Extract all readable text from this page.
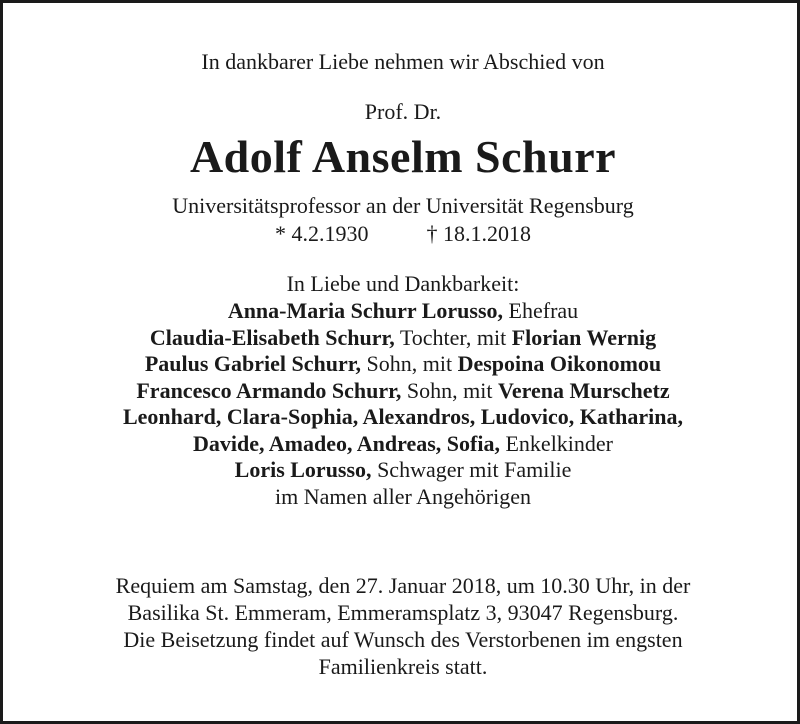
In dankbarer Liebe nehmen wir Abschied von
Prof. Dr.
Adolf Anselm Schurr
Universitätsprofessor an der Universität Regensburg
* 4.2.1930	† 18.1.2018
In Liebe und Dankbarkeit:
Anna-Maria Schurr Lorusso, Ehefrau
Claudia-Elisabeth Schurr, Tochter, mit Florian Wernig
Paulus Gabriel Schurr, Sohn, mit Despoina Oikonomou
Francesco Armando Schurr, Sohn, mit Verena Murschetz
Leonhard, Clara-Sophia, Alexandros, Ludovico, Katharina,
Davide, Amadeo, Andreas, Sofia, Enkelkinder
Loris Lorusso, Schwager mit Familie
im Namen aller Angehörigen
Requiem am Samstag, den 27. Januar 2018, um 10.30 Uhr, in der
Basilika St. Emmeram, Emmeramsplatz 3, 93047 Regensburg.
Die Beisetzung findet auf Wunsch des Verstorbenen im engsten
Familienkreis statt.
